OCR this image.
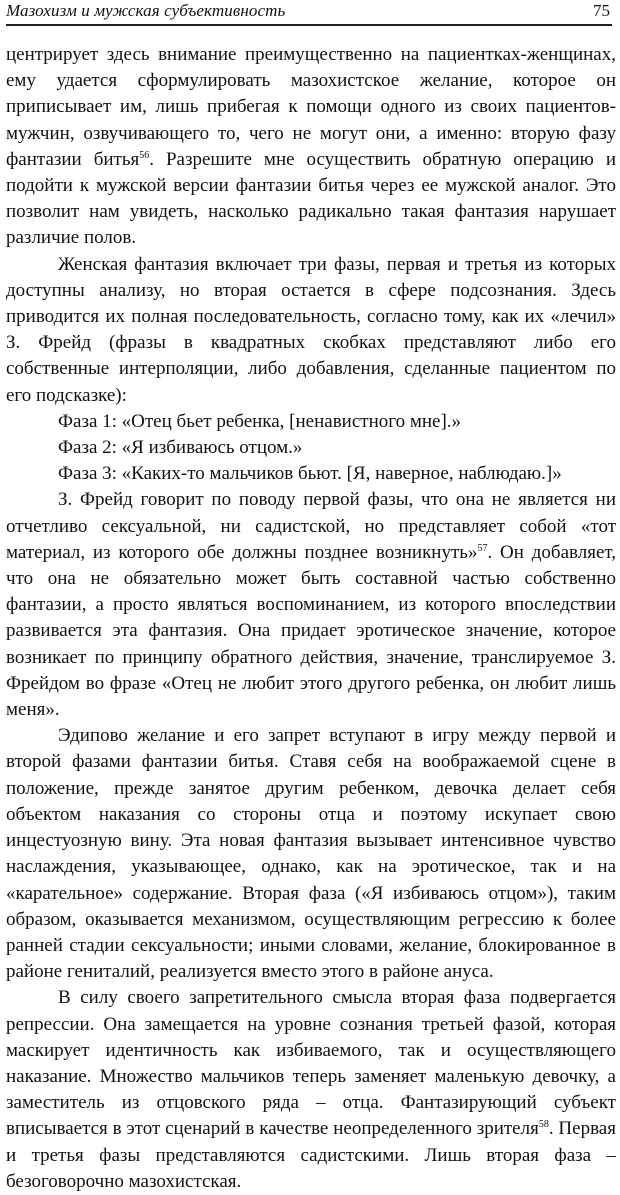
Мазохизм и мужская субъективность	75

центрирует здесь внимание преимущественно на пациентках-женщинах, ему удается сформулировать мазохистское желание, которое он приписывает им, лишь прибегая к помощи одного из своих пациентов-мужчин, озвучивающего то, чего не могут они, а именно: вторую фазу фантазии битья$^{56}$. Разрешите мне осуществить обратную операцию и подойти к мужской версии фантазии битья через ее мужской аналог. Это позволит нам увидеть, насколько радикально такая фантазия нарушает различие полов.

Женская фантазия включает три фазы, первая и третья из которых доступны анализу, но вторая остается в сфере подсознания. Здесь приводится их полная последовательность, согласно тому, как их «лечил» З. Фрейд (фразы в квадратных скобках представляют либо его собственные интерполяции, либо добавления, сделанные пациентом по его подсказке):

Фаза 1: «Отец бьет ребенка, [ненавистного мне].»

Фаза 2: «Я избиваюсь отцом.»

Фаза 3: «Каких-то мальчиков бьют. [Я, наверное, наблюдаю.]»

З. Фрейд говорит по поводу первой фазы, что она не является ни отчетливо сексуальной, ни садистской, но представляет собой «тот материал, из которого обе должны позднее возникнуть»$^{57}$. Он добавляет, что она не обязательно может быть составной частью собственно фантазии, а просто являться воспоминанием, из которого впоследствии развивается эта фантазия. Она придает эротическое значение, которое возникает по принципу обратного действия, значение, транслируемое З. Фрейдом во фразе «Отец не любит этого другого ребенка, он любит лишь меня».

Эдипово желание и его запрет вступают в игру между первой и второй фазами фантазии битья. Ставя себя на воображаемой сцене в положение, прежде занятое другим ребенком, девочка делает себя объектом наказания со стороны отца и поэтому искупает свою инцестуозную вину. Эта новая фантазия вызывает интенсивное чувство наслаждения, указывающее, однако, как на эротическое, так и на «карательное» содержание. Вторая фаза («Я избиваюсь отцом»), таким образом, оказывается механизмом, осуществляющим регрессию к более ранней стадии сексуальности; иными словами, желание, блокированное в районе гениталий, реализуется вместо этого в районе ануса.

В силу своего запретительного смысла вторая фаза подвергается репрессии. Она замещается на уровне сознания третьей фазой, которая маскирует идентичность как избиваемого, так и осуществляющего наказание. Множество мальчиков теперь заменяет маленькую девочку, а заместитель из отцовского ряда – отца. Фантазирующий субъект вписывается в этот сценарий в качестве неопределенного зрителя$^{58}$. Первая и третья фазы представляются садистскими. Лишь вторая фаза – безоговорочно мазохистская.
